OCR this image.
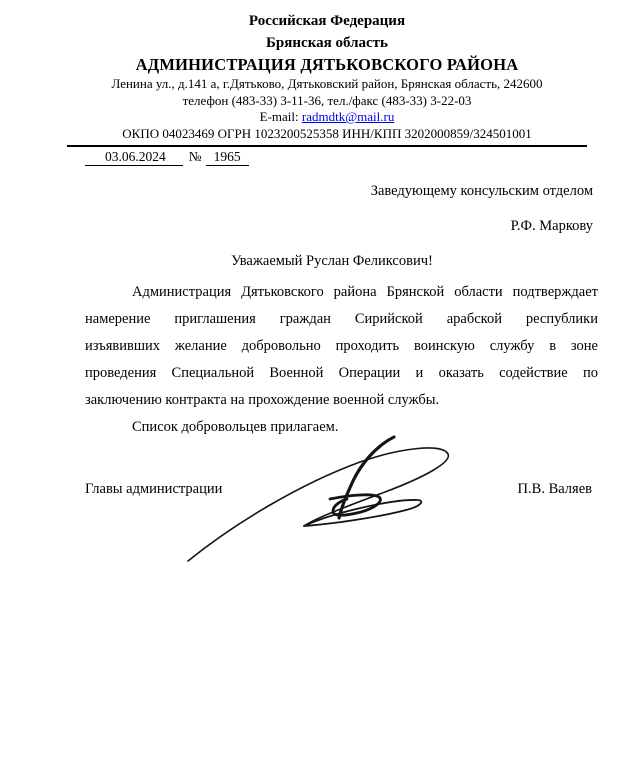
Российская Федерация
Брянская область
АДМИНИСТРАЦИЯ ДЯТЬКОВСКОГО РАЙОНА
Ленина ул., д.141 а, г.Дятьково, Дятьковский район, Брянская область, 242600
телефон (483-33) 3-11-36, тел./факс (483-33) 3-22-03
E-mail: radmdtk@mail.ru
ОКПО 04023469 ОГРН 1023200525358 ИНН/КПП 3202000859/324501001
03.06.2024 № 1965
Заведующему консульским отделом
Р.Ф. Маркову
Уважаемый Руслан Феликсович!
Администрация Дятьковского района Брянской области подтверждает
намерение приглашения граждан Сирийской арабской республики
изъявивших желание добровольно проходить воинскую службу в зоне
проведения Специальной Военной Операции и оказать содействие по
заключению контракта на прохождение военной службы.
Список добровольцев прилагаем.
Главы администрации	П.В. Валяев
